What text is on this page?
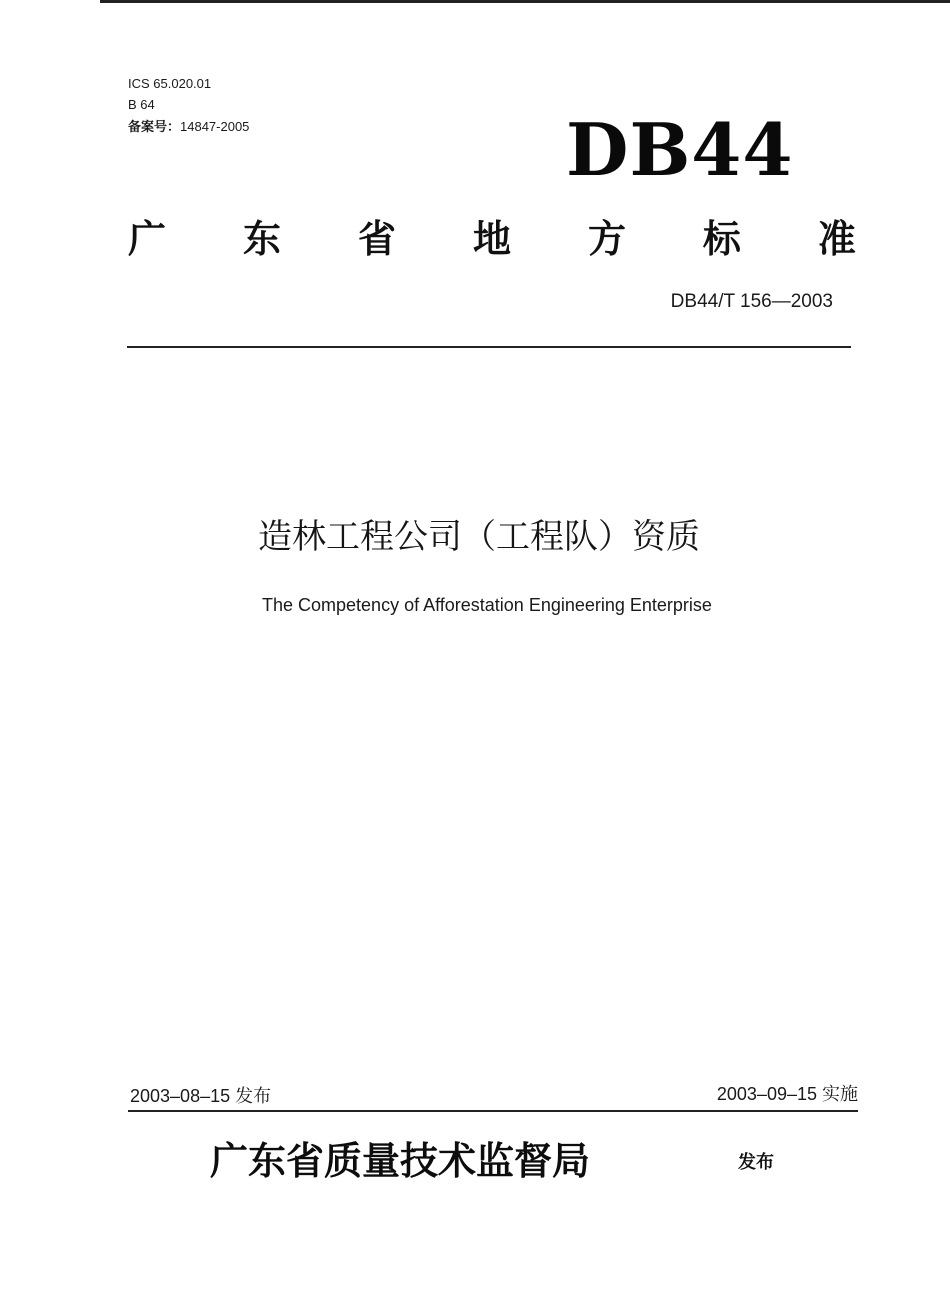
ICS 65.020.01
B 64
备案号：14847-2005	DB44
广 东 省 地 方 标 准
DB44/T 156—2003
造林工程公司（工程队）资质
The Competency of Afforestation Engineering Enterprise
2003–08–15 发布	2003–09–15 实施
广东省质量技术监督局	发布
